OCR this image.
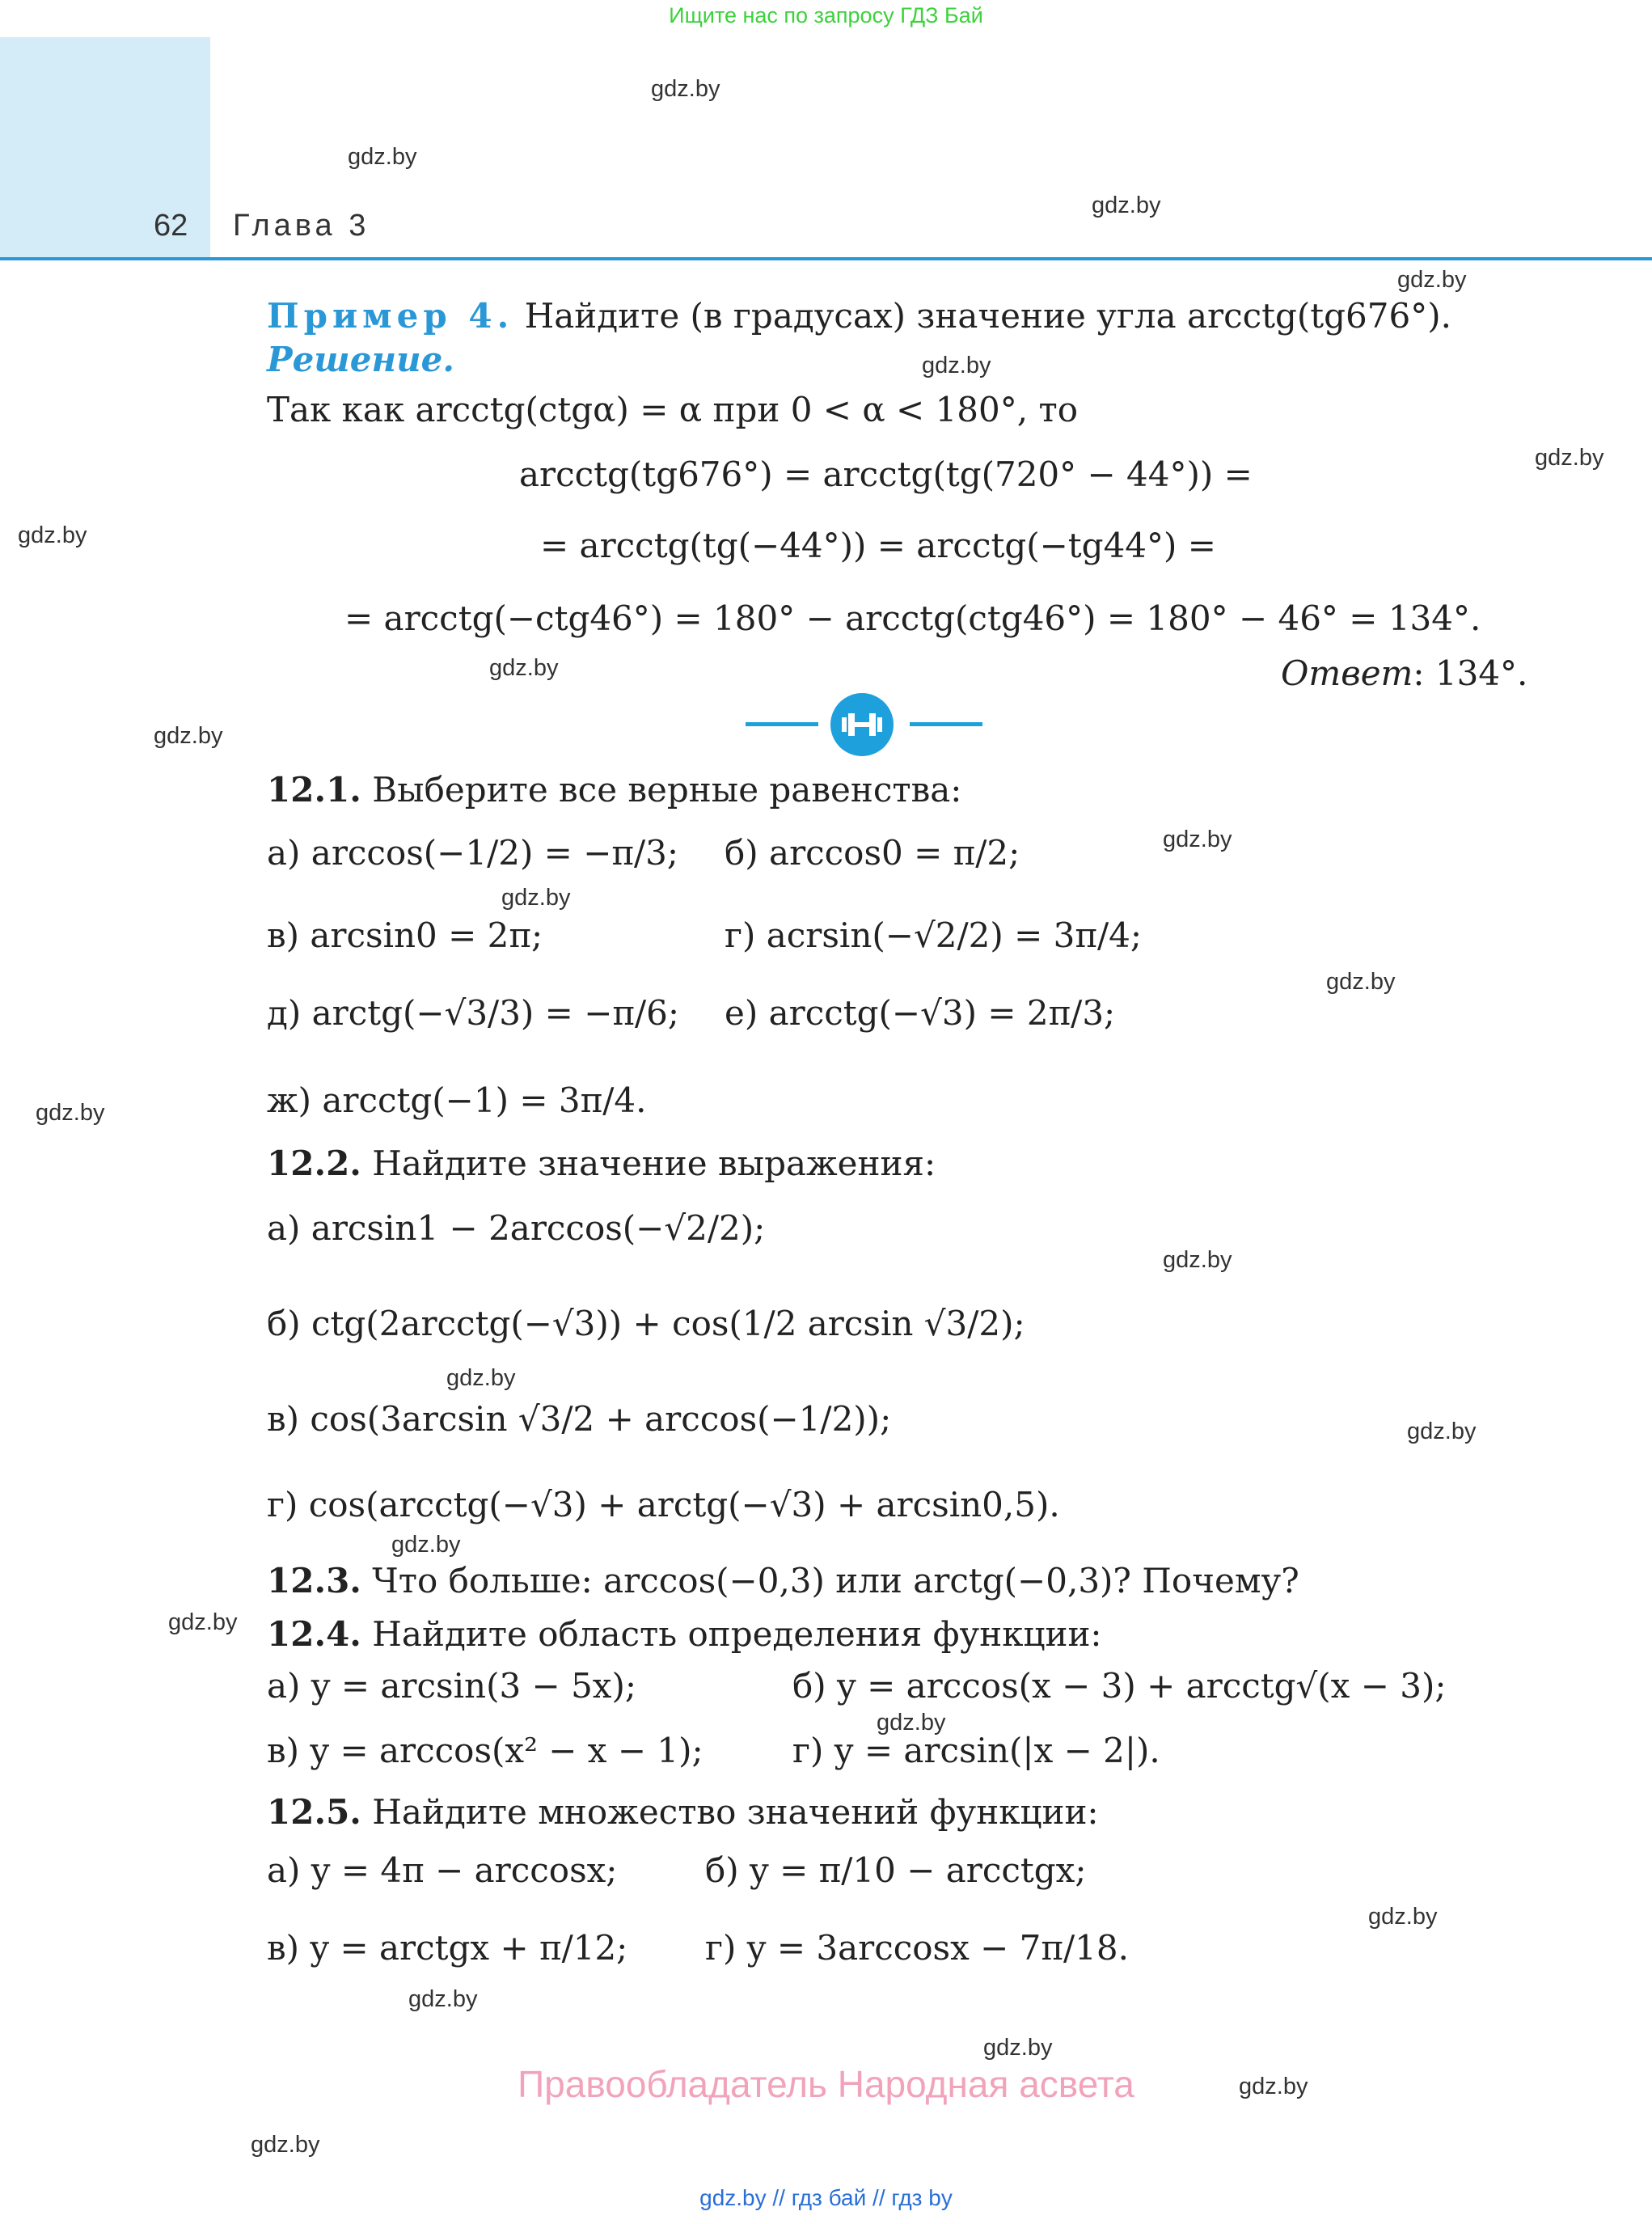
Ищите нас по запросу ГДЗ Бай
62 Глава 3
gdz.by
gdz.by
gdz.by
gdz.by
gdz.by
gdz.by
gdz.by
gdz.by
gdz.by
gdz.by
gdz.by
gdz.by
gdz.by
gdz.by
gdz.by
gdz.by
gdz.by
gdz.by
gdz.by
gdz.by
gdz.by
gdz.by
gdz.by
gdz.by
Пример 4. Найдите (в градусах) значение угла arcctg(tg676°).
Решение.
Так как arcctg(ctgα) = α при 0 < α < 180°, то
arcctg(tg676°) = arcctg(tg(720° − 44°)) =
= arcctg(tg(−44°)) = arcctg(−tg44°) =
= arcctg(−ctg46°) = 180° − arcctg(ctg46°) = 180° − 46° = 134°.
Ответ: 134°.
12.1. Выберите все верные равенства:
а) arccos(−1/2) = −π/3; б) arccos0 = π/2;
в) arcsin0 = 2π;	г) acrsin(−√2/2) = 3π/4;
д) arctg(−√3/3) = −π/6; е) arcctg(−√3) = 2π/3;
ж) arcctg(−1) = 3π/4.
12.2. Найдите значение выражения:
а) arcsin1 − 2arccos(−√2/2);
б) ctg(2arcctg(−√3)) + cos(1/2 arcsin √3/2);
в) cos(3arcsin √3/2 + arccos(−1/2));
г) cos(arcctg(−√3) + arctg(−√3) + arcsin0,5).
12.3. Что больше: arccos(−0,3) или arctg(−0,3)? Почему?
12.4. Найдите область определения функции:
а) y = arcsin(3 − 5x);	б) y = arccos(x − 3) + arcctg√(x − 3);
в) y = arccos(x² − x − 1);	г) y = arcsin(|x − 2|).
12.5. Найдите множество значений функции:
а) y = 4π − arccosx;	б) y = π/10 − arcctgx;
в) y = arctgx + π/12; г) y = 3arccosx − 7π/18.
Правообладатель Народная асвета
gdz.by // гдз бай // гдз by
